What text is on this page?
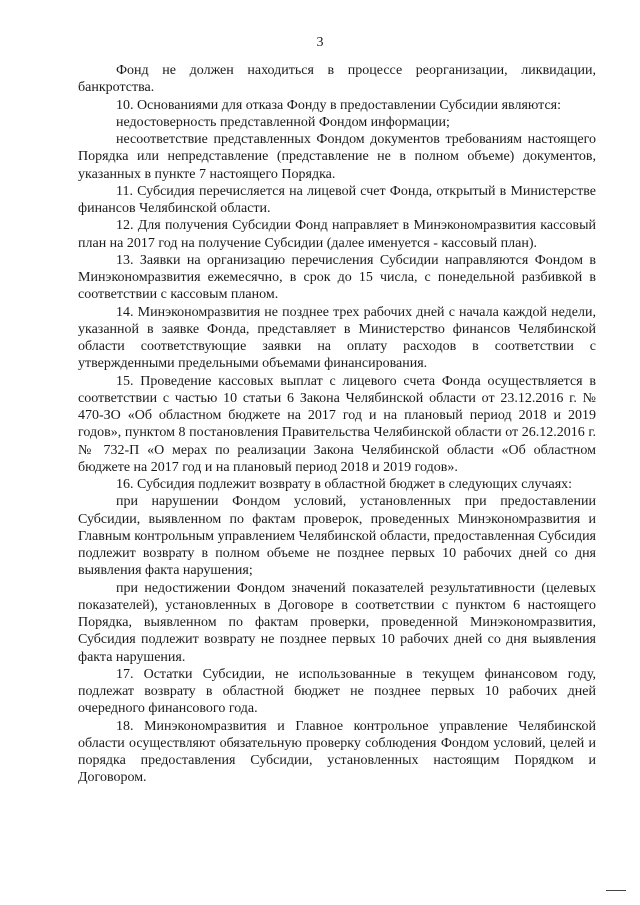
3

Фонд не должен находиться в процессе реорганизации, ликвидации, банкротства.

10. Основаниями для отказа Фонду в предоставлении Субсидии являются:

недостоверность представленной Фондом информации;

несоответствие представленных Фондом документов требованиям настоящего Порядка или непредставление (представление не в полном объеме) документов, указанных в пункте 7 настоящего Порядка.

11. Субсидия перечисляется на лицевой счет Фонда, открытый в Министерстве финансов Челябинской области.

12. Для получения Субсидии Фонд направляет в Минэкономразвития кассовый план на 2017 год на получение Субсидии (далее именуется - кассовый план).

13. Заявки на организацию перечисления Субсидии направляются Фондом в Минэкономразвития ежемесячно, в срок до 15 числа, с понедельной разбивкой в соответствии с кассовым планом.

14. Минэкономразвития не позднее трех рабочих дней с начала каждой недели, указанной в заявке Фонда, представляет в Министерство финансов Челябинской области соответствующие заявки на оплату расходов в соответствии с утвержденными предельными объемами финансирования.

15. Проведение кассовых выплат с лицевого счета Фонда осуществляется в соответствии с частью 10 статьи 6 Закона Челябинской области от 23.12.2016 г. № 470-ЗО «Об областном бюджете на 2017 год и на плановый период 2018 и 2019 годов», пунктом 8 постановления Правительства Челябинской области от 26.12.2016 г. № 732-П «О мерах по реализации Закона Челябинской области «Об областном бюджете на 2017 год и на плановый период 2018 и 2019 годов».

16. Субсидия подлежит возврату в областной бюджет в следующих случаях:

при нарушении Фондом условий, установленных при предоставлении Субсидии, выявленном по фактам проверок, проведенных Минэкономразвития и Главным контрольным управлением Челябинской области, предоставленная Субсидия подлежит возврату в полном объеме не позднее первых 10 рабочих дней со дня выявления факта нарушения;

при недостижении Фондом значений показателей результативности (целевых показателей), установленных в Договоре в соответствии с пунктом 6 настоящего Порядка, выявленном по фактам проверки, проведенной Минэкономразвития, Субсидия подлежит возврату не позднее первых 10 рабочих дней со дня выявления факта нарушения.

17. Остатки Субсидии, не использованные в текущем финансовом году, подлежат возврату в областной бюджет не позднее первых 10 рабочих дней очередного финансового года.

18. Минэкономразвития и Главное контрольное управление Челябинской области осуществляют обязательную проверку соблюдения Фондом условий, целей и порядка предоставления Субсидии, установленных настоящим Порядком и Договором.
